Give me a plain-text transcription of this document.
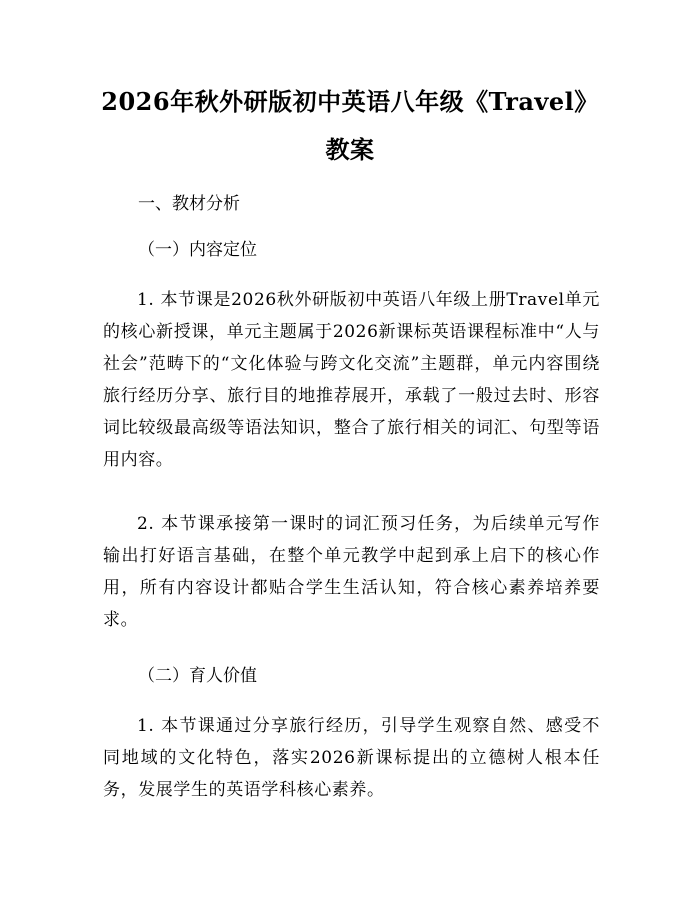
2026年秋外研版初中英语八年级《Travel》
教案
一、教材分析
（一）内容定位

1. 本节课是2026秋外研版初中英语八年级上册Travel单元的核心新授课，单元主题属于2026新课标英语课程标准中“人与社会”范畴下的“文化体验与跨文化交流”主题群，单元内容围绕旅行经历分享、旅行目的地推荐展开，承载了一般过去时、形容词比较级最高级等语法知识，整合了旅行相关的词汇、句型等语用内容。

2. 本节课承接第一课时的词汇预习任务，为后续单元写作输出打好语言基础，在整个单元教学中起到承上启下的核心作用，所有内容设计都贴合学生生活认知，符合核心素养培养要求。

（二）育人价值

1. 本节课通过分享旅行经历，引导学生观察自然、感受不同地域的文化特色，落实2026新课标提出的立德树人根本任务，发展学生的英语学科核心素养。
